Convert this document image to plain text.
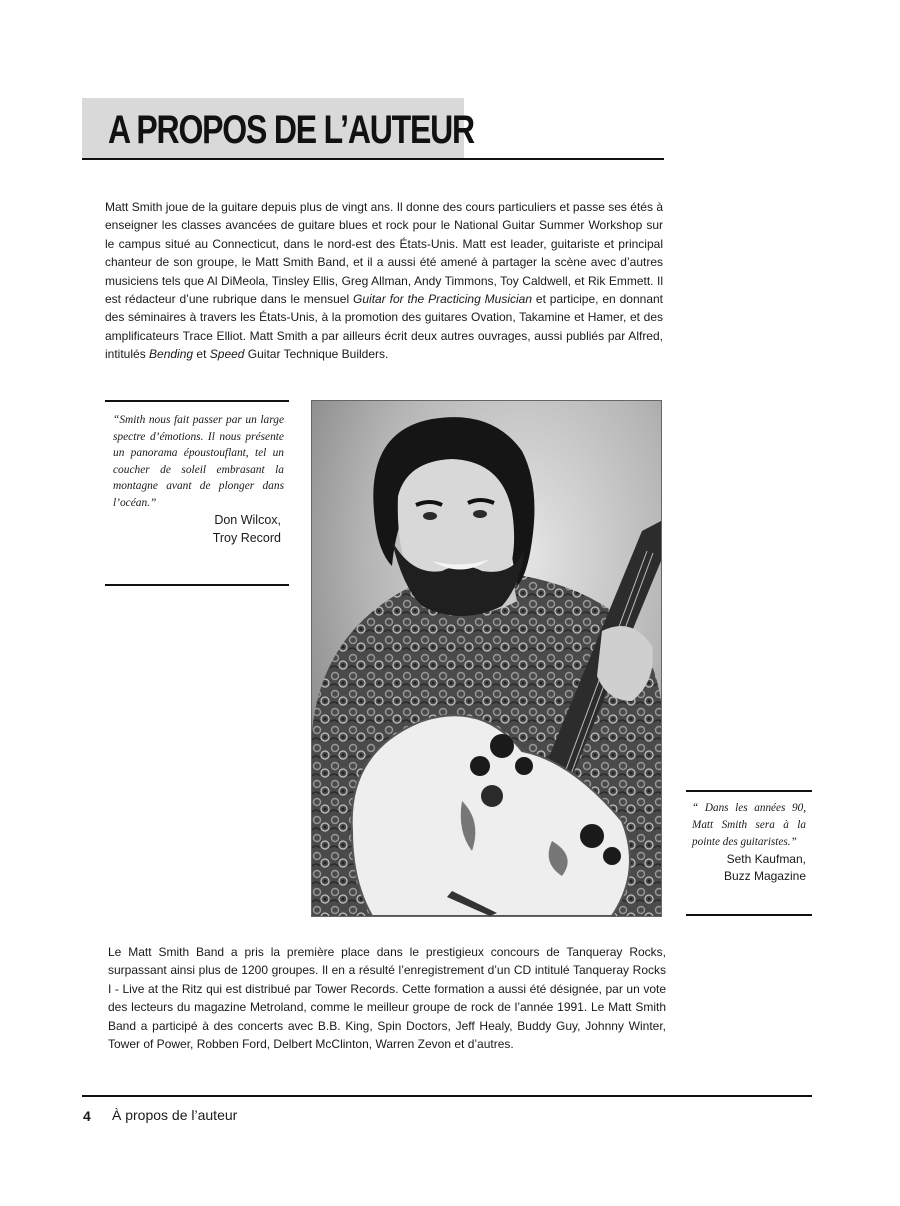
A PROPOS DE L’AUTEUR

Matt Smith joue de la guitare depuis plus de vingt ans. Il donne des cours particuliers et passe ses étés à enseigner les classes avancées de guitare blues et rock pour le National Guitar Summer Workshop sur le campus situé au Connecticut, dans le nord-est des États-Unis. Matt est leader, guitariste et principal chanteur de son groupe, le Matt Smith Band, et il a aussi été amené à partager la scène avec d’autres musiciens tels que Al DiMeola, Tinsley Ellis, Greg Allman, Andy Timmons, Toy Caldwell, et Rik Emmett. Il est rédacteur d’une rubrique dans le mensuel Guitar for the Practicing Musician et participe, en donnant des séminaires à travers les États-Unis, à la promotion des guitares Ovation, Takamine et Hamer, et des amplificateurs Trace Elliot. Matt Smith a par ailleurs écrit deux autres ouvrages, aussi publiés par Alfred, intitulés Bending et Speed Guitar Technique Builders.

“Smith nous fait passer par un large spectre d’émotions. Il nous présente un panorama époustouflant, tel un coucher de soleil embrasant la montagne avant de plonger dans l’océan.”
Don Wilcox,
Troy Record
“ Dans les années 90, Matt Smith sera à la pointe des guitaristes.”
Seth Kaufman,
Buzz Magazine

Le Matt Smith Band a pris la première place dans le prestigieux concours de Tanqueray Rocks, surpassant ainsi plus de 1200 groupes. Il en a résulté l’enregistrement d’un CD intitulé Tanqueray Rocks I - Live at the Ritz qui est distribué par Tower Records. Cette formation a aussi été désignée, par un vote des lecteurs du magazine Metroland, comme le meilleur groupe de rock de l’année 1991. Le Matt Smith Band a participé à des concerts avec B.B. King, Spin Doctors, Jeff Healy, Buddy Guy, Johnny Winter, Tower of Power, Robben Ford, Delbert McClinton, Warren Zevon et d’autres.

4 À propos de l’auteur
